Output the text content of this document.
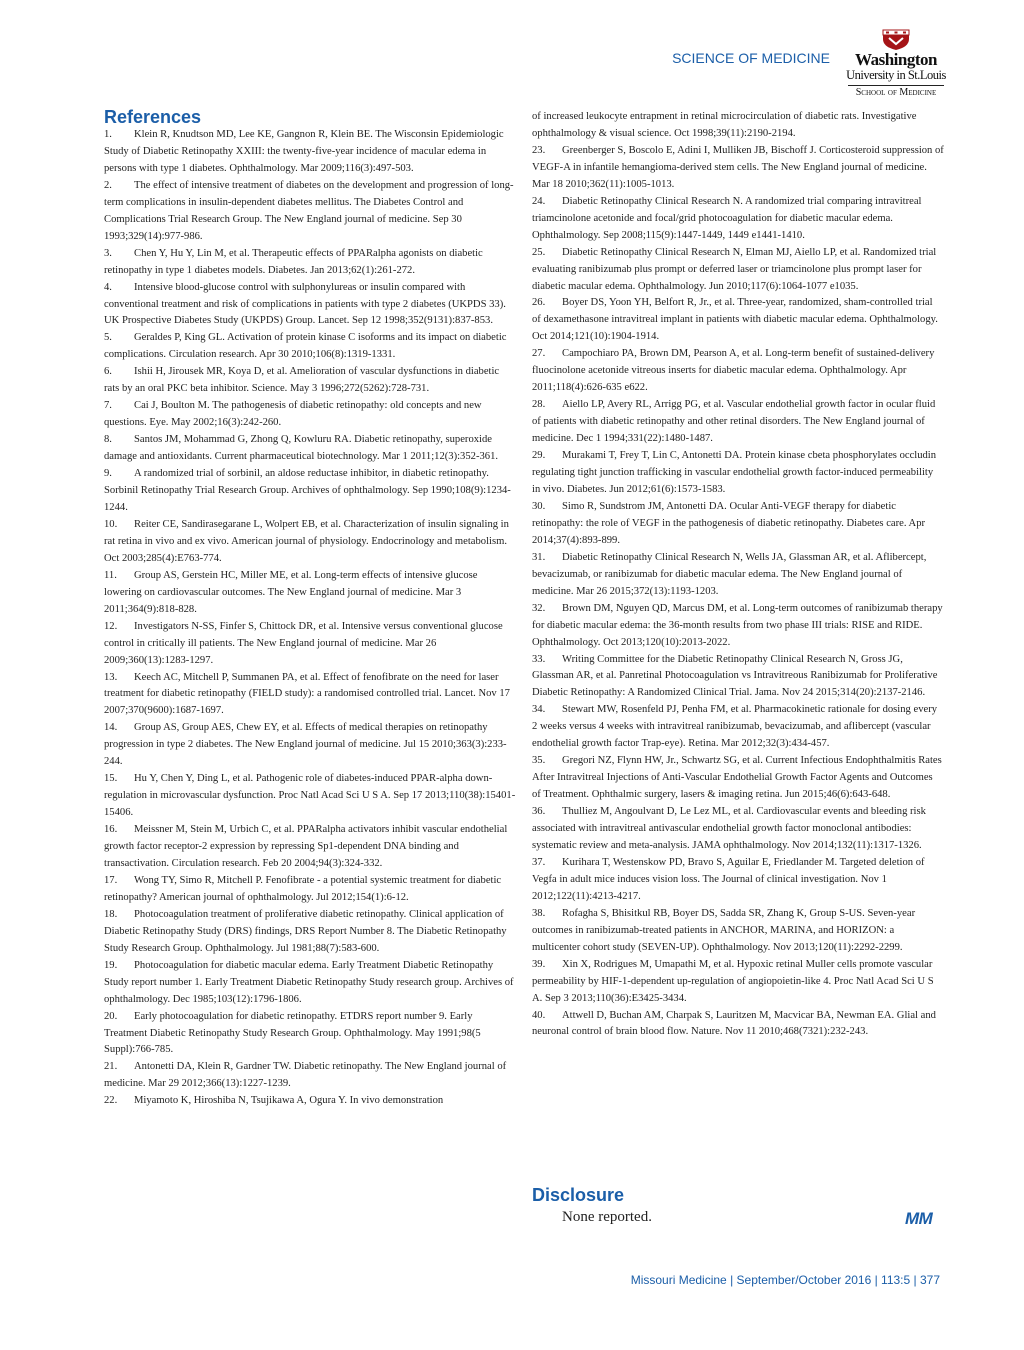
SCIENCE OF MEDICINE	Washington
University in St.Louis
School of Medicine
References

1. Klein R, Knudtson MD, Lee KE, Gangnon R, Klein BE. The Wisconsin Epidemiologic Study of Diabetic Retinopathy XXIII: the twenty-five-year incidence of macular edema in persons with type 1 diabetes. Ophthalmology. Mar 2009;116(3):497-503.

2. The effect of intensive treatment of diabetes on the development and progression of long-term complications in insulin-dependent diabetes mellitus. The Diabetes Control and Complications Trial Research Group. The New England journal of medicine. Sep 30 1993;329(14):977-986.

3. Chen Y, Hu Y, Lin M, et al. Therapeutic effects of PPARalpha agonists on diabetic retinopathy in type 1 diabetes models. Diabetes. Jan 2013;62(1):261-272.

4. Intensive blood-glucose control with sulphonylureas or insulin compared with conventional treatment and risk of complications in patients with type 2 diabetes (UKPDS 33). UK Prospective Diabetes Study (UKPDS) Group. Lancet. Sep 12 1998;352(9131):837-853.

5. Geraldes P, King GL. Activation of protein kinase C isoforms and its impact on diabetic complications. Circulation research. Apr 30 2010;106(8):1319-1331.

6. Ishii H, Jirousek MR, Koya D, et al. Amelioration of vascular dysfunctions in diabetic rats by an oral PKC beta inhibitor. Science. May 3 1996;272(5262):728-731.

7. Cai J, Boulton M. The pathogenesis of diabetic retinopathy: old concepts and new questions. Eye. May 2002;16(3):242-260.

8. Santos JM, Mohammad G, Zhong Q, Kowluru RA. Diabetic retinopathy, superoxide damage and antioxidants. Current pharmaceutical biotechnology. Mar 1 2011;12(3):352-361.

9. A randomized trial of sorbinil, an aldose reductase inhibitor, in diabetic retinopathy. Sorbinil Retinopathy Trial Research Group. Archives of ophthalmology. Sep 1990;108(9):1234-1244.

10. Reiter CE, Sandirasegarane L, Wolpert EB, et al. Characterization of insulin signaling in rat retina in vivo and ex vivo. American journal of physiology. Endocrinology and metabolism. Oct 2003;285(4):E763-774.

11. Group AS, Gerstein HC, Miller ME, et al. Long-term effects of intensive glucose lowering on cardiovascular outcomes. The New England journal of medicine. Mar 3 2011;364(9):818-828.

12. Investigators N-SS, Finfer S, Chittock DR, et al. Intensive versus conventional glucose control in critically ill patients. The New England journal of medicine. Mar 26 2009;360(13):1283-1297.

13. Keech AC, Mitchell P, Summanen PA, et al. Effect of fenofibrate on the need for laser treatment for diabetic retinopathy (FIELD study): a randomised controlled trial. Lancet. Nov 17 2007;370(9600):1687-1697.

14. Group AS, Group AES, Chew EY, et al. Effects of medical therapies on retinopathy progression in type 2 diabetes. The New England journal of medicine. Jul 15 2010;363(3):233-244.

15. Hu Y, Chen Y, Ding L, et al. Pathogenic role of diabetes-induced PPAR-alpha down-regulation in microvascular dysfunction. Proc Natl Acad Sci U S A. Sep 17 2013;110(38):15401-15406.

16. Meissner M, Stein M, Urbich C, et al. PPARalpha activators inhibit vascular endothelial growth factor receptor-2 expression by repressing Sp1-dependent DNA binding and transactivation. Circulation research. Feb 20 2004;94(3):324-332.

17. Wong TY, Simo R, Mitchell P. Fenofibrate - a potential systemic treatment for diabetic retinopathy? American journal of ophthalmology. Jul 2012;154(1):6-12.

18. Photocoagulation treatment of proliferative diabetic retinopathy. Clinical application of Diabetic Retinopathy Study (DRS) findings, DRS Report Number 8. The Diabetic Retinopathy Study Research Group. Ophthalmology. Jul 1981;88(7):583-600.

19. Photocoagulation for diabetic macular edema. Early Treatment Diabetic Retinopathy Study report number 1. Early Treatment Diabetic Retinopathy Study research group. Archives of ophthalmology. Dec 1985;103(12):1796-1806.

20. Early photocoagulation for diabetic retinopathy. ETDRS report number 9. Early Treatment Diabetic Retinopathy Study Research Group. Ophthalmology. May 1991;98(5 Suppl):766-785.

21. Antonetti DA, Klein R, Gardner TW. Diabetic retinopathy. The New England journal of medicine. Mar 29 2012;366(13):1227-1239.

22. Miyamoto K, Hiroshiba N, Tsujikawa A, Ogura Y. In vivo demonstration

of increased leukocyte entrapment in retinal microcirculation of diabetic rats. Investigative ophthalmology & visual science. Oct 1998;39(11):2190-2194.

23. Greenberger S, Boscolo E, Adini I, Mulliken JB, Bischoff J. Corticosteroid suppression of VEGF-A in infantile hemangioma-derived stem cells. The New England journal of medicine. Mar 18 2010;362(11):1005-1013.

24. Diabetic Retinopathy Clinical Research N. A randomized trial comparing intravitreal triamcinolone acetonide and focal/grid photocoagulation for diabetic macular edema. Ophthalmology. Sep 2008;115(9):1447-1449, 1449 e1441-1410.

25. Diabetic Retinopathy Clinical Research N, Elman MJ, Aiello LP, et al. Randomized trial evaluating ranibizumab plus prompt or deferred laser or triamcinolone plus prompt laser for diabetic macular edema. Ophthalmology. Jun 2010;117(6):1064-1077 e1035.

26. Boyer DS, Yoon YH, Belfort R, Jr., et al. Three-year, randomized, sham-controlled trial of dexamethasone intravitreal implant in patients with diabetic macular edema. Ophthalmology. Oct 2014;121(10):1904-1914.

27. Campochiaro PA, Brown DM, Pearson A, et al. Long-term benefit of sustained-delivery fluocinolone acetonide vitreous inserts for diabetic macular edema. Ophthalmology. Apr 2011;118(4):626-635 e622.

28. Aiello LP, Avery RL, Arrigg PG, et al. Vascular endothelial growth factor in ocular fluid of patients with diabetic retinopathy and other retinal disorders. The New England journal of medicine. Dec 1 1994;331(22):1480-1487.

29. Murakami T, Frey T, Lin C, Antonetti DA. Protein kinase cbeta phosphorylates occludin regulating tight junction trafficking in vascular endothelial growth factor-induced permeability in vivo. Diabetes. Jun 2012;61(6):1573-1583.

30. Simo R, Sundstrom JM, Antonetti DA. Ocular Anti-VEGF therapy for diabetic retinopathy: the role of VEGF in the pathogenesis of diabetic retinopathy. Diabetes care. Apr 2014;37(4):893-899.

31. Diabetic Retinopathy Clinical Research N, Wells JA, Glassman AR, et al. Aflibercept, bevacizumab, or ranibizumab for diabetic macular edema. The New England journal of medicine. Mar 26 2015;372(13):1193-1203.

32. Brown DM, Nguyen QD, Marcus DM, et al. Long-term outcomes of ranibizumab therapy for diabetic macular edema: the 36-month results from two phase III trials: RISE and RIDE. Ophthalmology. Oct 2013;120(10):2013-2022.

33. Writing Committee for the Diabetic Retinopathy Clinical Research N, Gross JG, Glassman AR, et al. Panretinal Photocoagulation vs Intravitreous Ranibizumab for Proliferative Diabetic Retinopathy: A Randomized Clinical Trial. Jama. Nov 24 2015;314(20):2137-2146.

34. Stewart MW, Rosenfeld PJ, Penha FM, et al. Pharmacokinetic rationale for dosing every 2 weeks versus 4 weeks with intravitreal ranibizumab, bevacizumab, and aflibercept (vascular endothelial growth factor Trap-eye). Retina. Mar 2012;32(3):434-457.

35. Gregori NZ, Flynn HW, Jr., Schwartz SG, et al. Current Infectious Endophthalmitis Rates After Intravitreal Injections of Anti-Vascular Endothelial Growth Factor Agents and Outcomes of Treatment. Ophthalmic surgery, lasers & imaging retina. Jun 2015;46(6):643-648.

36. Thulliez M, Angoulvant D, Le Lez ML, et al. Cardiovascular events and bleeding risk associated with intravitreal antivascular endothelial growth factor monoclonal antibodies: systematic review and meta-analysis. JAMA ophthalmology. Nov 2014;132(11):1317-1326.

37. Kurihara T, Westenskow PD, Bravo S, Aguilar E, Friedlander M. Targeted deletion of Vegfa in adult mice induces vision loss. The Journal of clinical investigation. Nov 1 2012;122(11):4213-4217.

38. Rofagha S, Bhisitkul RB, Boyer DS, Sadda SR, Zhang K, Group S-US. Seven-year outcomes in ranibizumab-treated patients in ANCHOR, MARINA, and HORIZON: a multicenter cohort study (SEVEN-UP). Ophthalmology. Nov 2013;120(11):2292-2299.

39. Xin X, Rodrigues M, Umapathi M, et al. Hypoxic retinal Muller cells promote vascular permeability by HIF-1-dependent up-regulation of angiopoietin-like 4. Proc Natl Acad Sci U S A. Sep 3 2013;110(36):E3425-3434.

40. Attwell D, Buchan AM, Charpak S, Lauritzen M, Macvicar BA, Newman EA. Glial and neuronal control of brain blood flow. Nature. Nov 11 2010;468(7321):232-243.

Disclosure
None reported.	MM
Missouri Medicine | September/October 2016 | 113:5 | 377
